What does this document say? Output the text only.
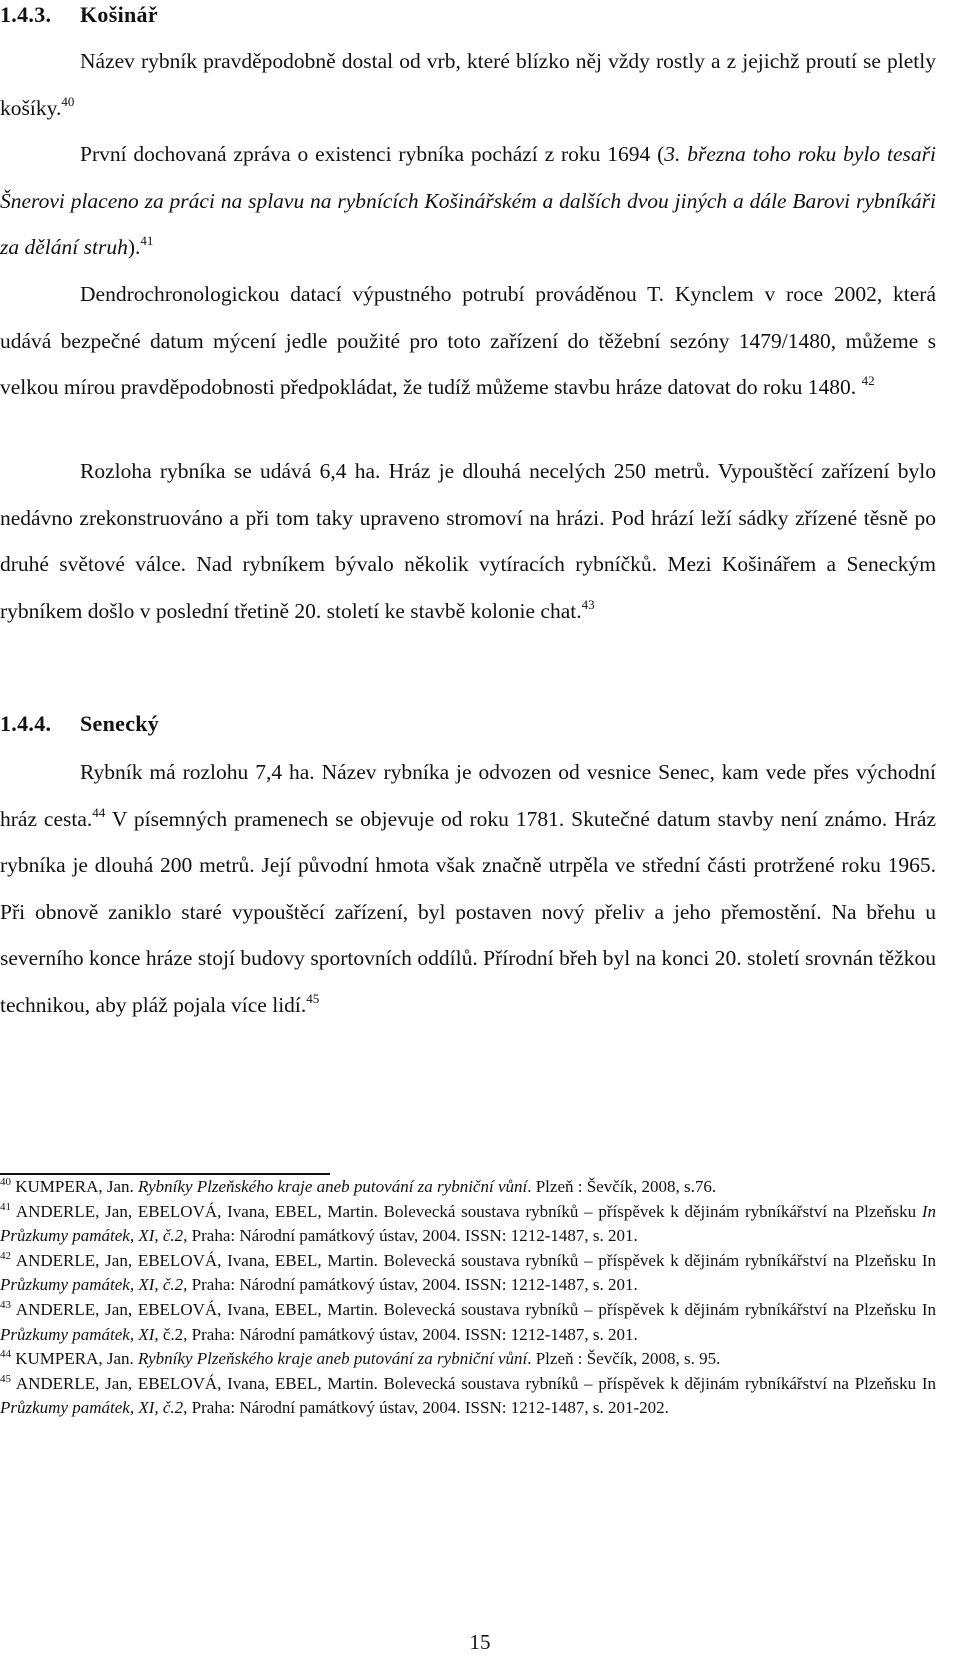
1.4.3. Košinář
Název rybník pravděpodobně dostal od vrb, které blízko něj vždy rostly a z jejichž proutí se pletly košíky.$^{40}$
První dochovaná zpráva o existenci rybníka pochází z roku 1694 (3. března toho roku bylo tesaři Šnerovi placeno za práci na splavu na rybnících Košinářském a dalších dvou jiných a dále Barovi rybníkáři za dělání struh).$^{41}$
Dendrochronologickou datací výpustného potrubí prováděnou T. Kynclem v roce 2002, která udává bezpečné datum mýcení jedle použité pro toto zařízení do těžební sezóny 1479/1480, můžeme s velkou mírou pravděpodobnosti předpokládat, že tudíž můžeme stavbu hráze datovat do roku 1480. $^{42}$
Rozloha rybníka se udává 6,4 ha. Hráz je dlouhá necelých 250 metrů. Vypouštěcí zařízení bylo nedávno zrekonstruováno a při tom taky upraveno stromoví na hrázi. Pod hrází leží sádky zřízené těsně po druhé světové válce. Nad rybníkem bývalo několik vytíracích rybníčků. Mezi Košinářem a Seneckým rybníkem došlo v poslední třetině 20. století ke stavbě kolonie chat.$^{43}$
1.4.4. Senecký
Rybník má rozlohu 7,4 ha. Název rybníka je odvozen od vesnice Senec, kam vede přes východní hráz cesta.$^{44}$ V písemných pramenech se objevuje od roku 1781. Skutečné datum stavby není známo. Hráz rybníka je dlouhá 200 metrů. Její původní hmota však značně utrpěla ve střední části protržené roku 1965. Při obnově zaniklo staré vypouštěcí zařízení, byl postaven nový přeliv a jeho přemostění. Na břehu u severního konce hráze stojí budovy sportovních oddílů. Přírodní břeh byl na konci 20. století srovnán těžkou technikou, aby pláž pojala více lidí.$^{45}$
$^{40}$ KUMPERA, Jan. Rybníky Plzeňského kraje aneb putování za rybniční vůní. Plzeň : Ševčík, 2008, s.76.
$^{41}$ ANDERLE, Jan, EBELOVÁ, Ivana, EBEL, Martin. Bolevecká soustava rybníků – příspěvek k dějinám rybníkářství na Plzeňsku In Průzkumy památek, XI, č.2, Praha: Národní památkový ústav, 2004. ISSN: 1212-1487, s. 201.
$^{42}$ ANDERLE, Jan, EBELOVÁ, Ivana, EBEL, Martin. Bolevecká soustava rybníků – příspěvek k dějinám rybníkářství na Plzeňsku In Průzkumy památek, XI, č.2, Praha: Národní památkový ústav, 2004. ISSN: 1212-1487, s. 201.
$^{43}$ ANDERLE, Jan, EBELOVÁ, Ivana, EBEL, Martin. Bolevecká soustava rybníků – příspěvek k dějinám rybníkářství na Plzeňsku In Průzkumy památek, XI, č.2, Praha: Národní památkový ústav, 2004. ISSN: 1212-1487, s. 201.
$^{44}$ KUMPERA, Jan. Rybníky Plzeňského kraje aneb putování za rybniční vůní. Plzeň : Ševčík, 2008, s. 95.
$^{45}$ ANDERLE, Jan, EBELOVÁ, Ivana, EBEL, Martin. Bolevecká soustava rybníků – příspěvek k dějinám rybníkářství na Plzeňsku In Průzkumy památek, XI, č.2, Praha: Národní památkový ústav, 2004. ISSN: 1212-1487, s. 201-202.
15
